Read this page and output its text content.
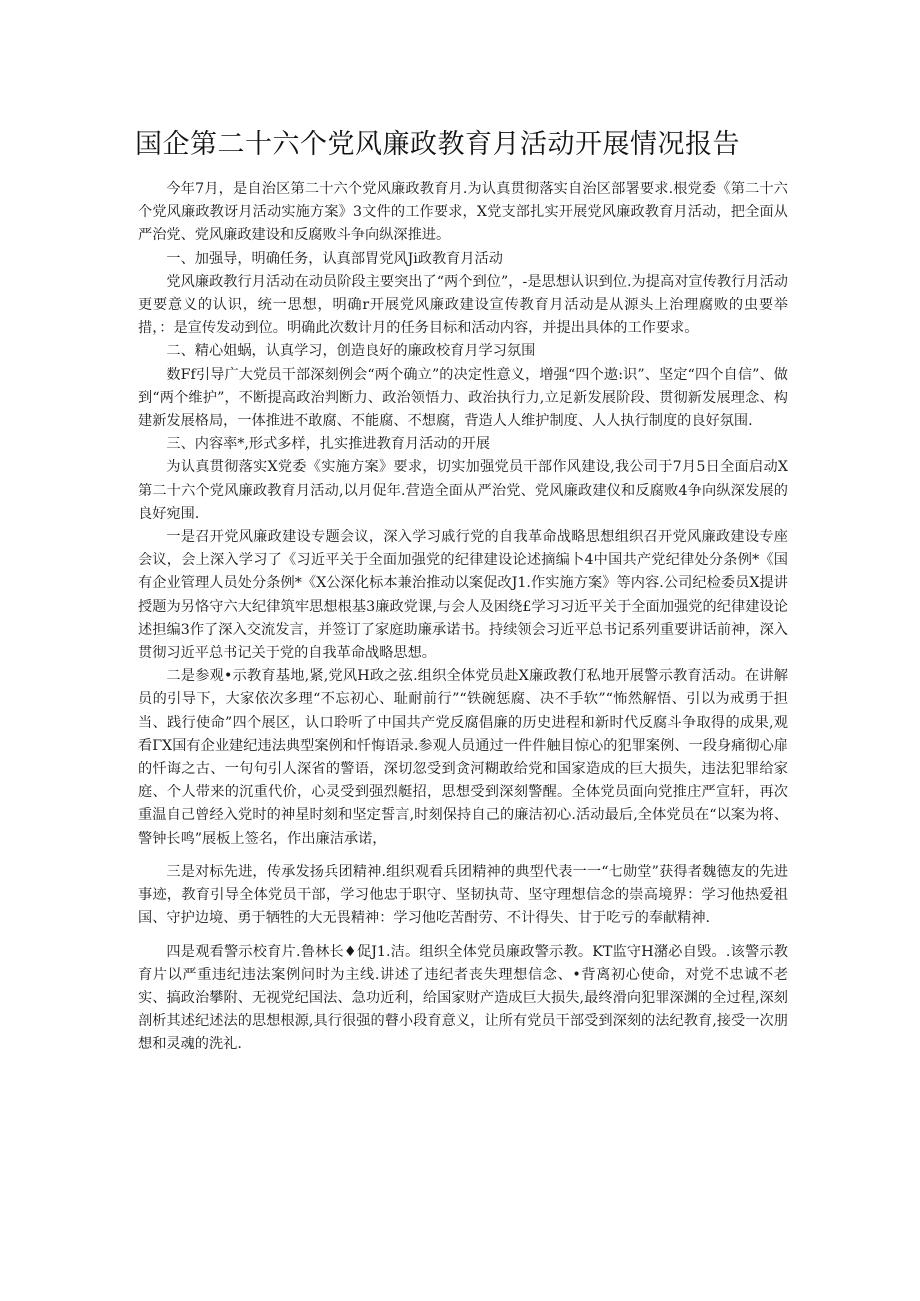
国企第二十六个党风廉政教育月活动开展情况报告

今年7月，是自治区第二十六个党风廉政教育月.为认真贯彻落实自治区部署要求.根党委《第二十六个党风廉政教讶月活动实施方案》3文件的工作要求，X党支部扎实开展党风廉政教育月活动，把全面从严治党、党风廉政建设和反腐败斗争向纵深推进。

一、加强导，明确任务，认真部胃党风Ji政教育月活动

党风廉政教行月活动在动员阶段主要突出了“两个到位”，-是思想认识到位.为提高对宣传教行月活动更要意义的认识，统一思想，明确r开展党风廉政建设宣传教育月活动是从源头上治理腐败的虫要举措，：是宣传发动到位。明确此次数计月的任务目标和活动内容，并提出具体的工作要求。

二、精心姐蜗，认真学习，创造良好的廉政校育月学习氛围

数Ff引导广大党员干部深刻例会“两个确立”的决定性意义，增强“四个遨:识”、坚定“四个自信”、做到“两个维护”，不断提高政治判断力、政治领悟力、政治执行力,立足新发展阶段、贯彻新发展理念、构建新发展格局，一体推进不敢腐、不能腐、不想腐，背造人人维护制度、人人执行制度的良好氛围.

三、内容率*,形式多样，扎实推进教育月活动的开展

为认真贯彻落实X党委《实施方案》要求，切实加强党员干部作风建设,我公司于7月5日全面启动X第二十六个党风廉政教育月活动,以月促年.营造全面从严治党、党风廉政建仪和反腐败4争向纵深发展的良好宛围.

一是召开党风廉政建设专题会议，深入学习戚行党的自我革命战略思想组织召开党风廉政建设专座会议，会上深入学习了《习近平关于全面加强党的纪律建设论述摘编卜4中国共产党纪律处分条例*《国有企业管理人员处分条例*《X公深化标本兼治推动以案促改J1.作实施方案》等内容.公司纪检委员X提讲授题为另恪守六大纪律筑牢思想根基3廉政党课,与会人及困绕£学习习近平关于全面加强党的纪律建设论述担编3作了深入交流发言，并签订了家庭助廉承诺书。持续领会习近平总书记系列重要讲话前神，深入贯彻习近平总书记关于党的自我革命战略思想。

二是参观•示教育基地,紧,党风H政之弦.组织全体党员赴X廉政教仃私地开展警示教育活动。在讲解员的引导下，大家依次多理“不忘初心、耻耐前行”“铁碗惩腐、决不手软”“怖然解悟、引以为戒勇于担当、践行使命”四个展区，认口聆听了中国共产党反腐倡廉的历史进程和新时代反腐斗争取得的成果,观看ΓX国有企业建纪违法典型案例和忏悔语录.参观人员通过一件件触目惊心的犯罪案例、一段身痛彻心扉的忏诲之古、一句句引人深省的警语，深切忽受到贪河糊敢给党和国家造成的巨大损失，违法犯罪给家庭、个人带来的沉重代价，心灵受到强烈艇招，思想受到深刻警醒。全体党员面向党推庄严宣轩，再次重温自己曾经入党时的神星时刻和坚定誓言,时刻保持自己的廉洁初心.活动最后,全体党员在“以案为将、警钟长鸣”展板上签名，作出廉洁承诺，

三是对标先进，传承发扬兵团精神.组织观看兵团精神的典型代表一一“七勋堂”获得者魏德友的先进事迹，教育引导全体党员干部，学习他忠于职守、坚韧执苛、坚守理想信念的崇高境界：学习他热爱祖国、守护边境、勇于牺牲的大无畏精神：学习他吃苦酎劳、不计得失、甘于吃亏的奉献精神.

四是观看警示校育片.鲁林长♦促J1.洁。组织全体党员廉政警示教。KT监守H潴必自毁。.该警示教育片以严重违纪违法案例问时为主线.讲述了违纪者丧失理想信念、•背离初心使命，对党不忠诚不老实、搞政治攀附、无视党纪国法、急功近利，给国家财产造成巨大损失,最终滑向犯罪深渊的全过程,深刻剖析其述纪述法的思想根源,具行很强的瞽小段育意义，让所有党员干部受到深刻的法纪教育,接受一次朋想和灵魂的洗礼.
